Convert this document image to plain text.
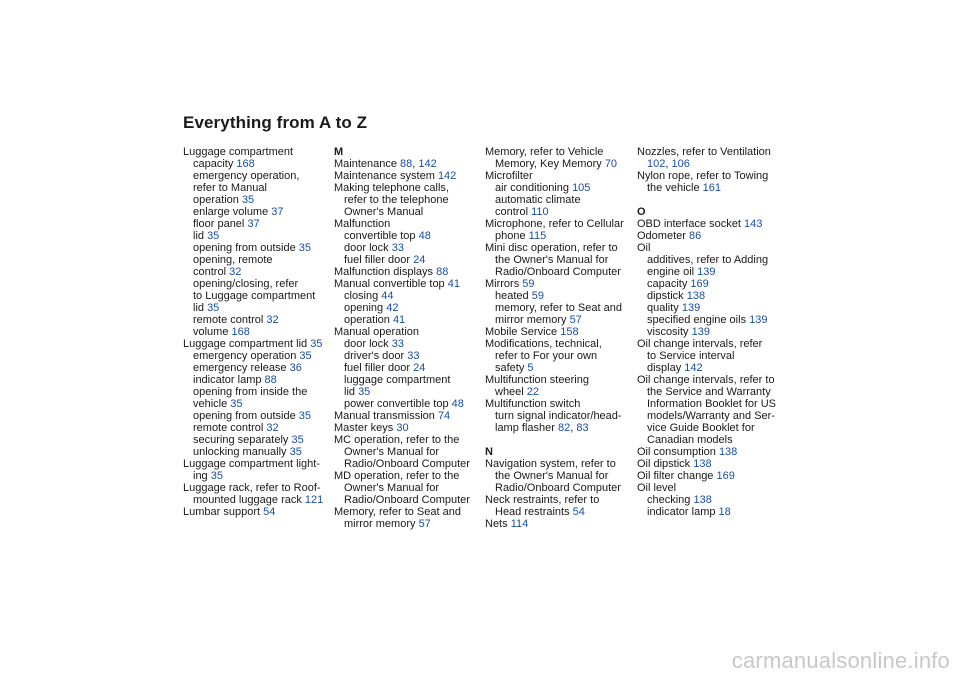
Everything from A to Z
Luggage compartment
capacity 168
emergency operation,
refer to Manual
operation 35
enlarge volume 37
floor panel 37
lid 35
opening from outside 35
opening, remote
control 32
opening/closing, refer
to Luggage compartment
lid 35
remote control 32
volume 168
Luggage compartment lid 35
emergency operation 35
emergency release 36
indicator lamp 88
opening from inside the
vehicle 35
opening from outside 35
remote control 32
securing separately 35
unlocking manually 35
Luggage compartment light-
ing 35
Luggage rack, refer to Roof-
mounted luggage rack 121
Lumbar support 54
M
Maintenance 88, 142
Maintenance system 142
Making telephone calls,
refer to the telephone
Owner's Manual
Malfunction
convertible top 48
door lock 33
fuel filler door 24
Malfunction displays 88
Manual convertible top 41
closing 44
opening 42
operation 41
Manual operation
door lock 33
driver's door 33
fuel filler door 24
luggage compartment
lid 35
power convertible top 48
Manual transmission 74
Master keys 30
MC operation, refer to the
Owner's Manual for
Radio/Onboard Computer
MD operation, refer to the
Owner's Manual for
Radio/Onboard Computer
Memory, refer to Seat and
mirror memory 57
Memory, refer to Vehicle
Memory, Key Memory 70
Microfilter
air conditioning 105
automatic climate
control 110
Microphone, refer to Cellular
phone 115
Mini disc operation, refer to
the Owner's Manual for
Radio/Onboard Computer
Mirrors 59
heated 59
memory, refer to Seat and
mirror memory 57
Mobile Service 158
Modifications, technical,
refer to For your own
safety 5
Multifunction steering
wheel 22
Multifunction switch
turn signal indicator/head-
lamp flasher 82, 83
N
Navigation system, refer to
the Owner's Manual for
Radio/Onboard Computer
Neck restraints, refer to
Head restraints 54
Nets 114
Nozzles, refer to Ventilation
102, 106
Nylon rope, refer to Towing
the vehicle 161
O
OBD interface socket 143
Odometer 86
Oil
additives, refer to Adding
engine oil 139
capacity 169
dipstick 138
quality 139
specified engine oils 139
viscosity 139
Oil change intervals, refer
to Service interval
display 142
Oil change intervals, refer to
the Service and Warranty
Information Booklet for US
models/Warranty and Ser-
vice Guide Booklet for
Canadian models
Oil consumption 138
Oil dipstick 138
Oil filter change 169
Oil level
checking 138
indicator lamp 18
carmanualsonline.info
